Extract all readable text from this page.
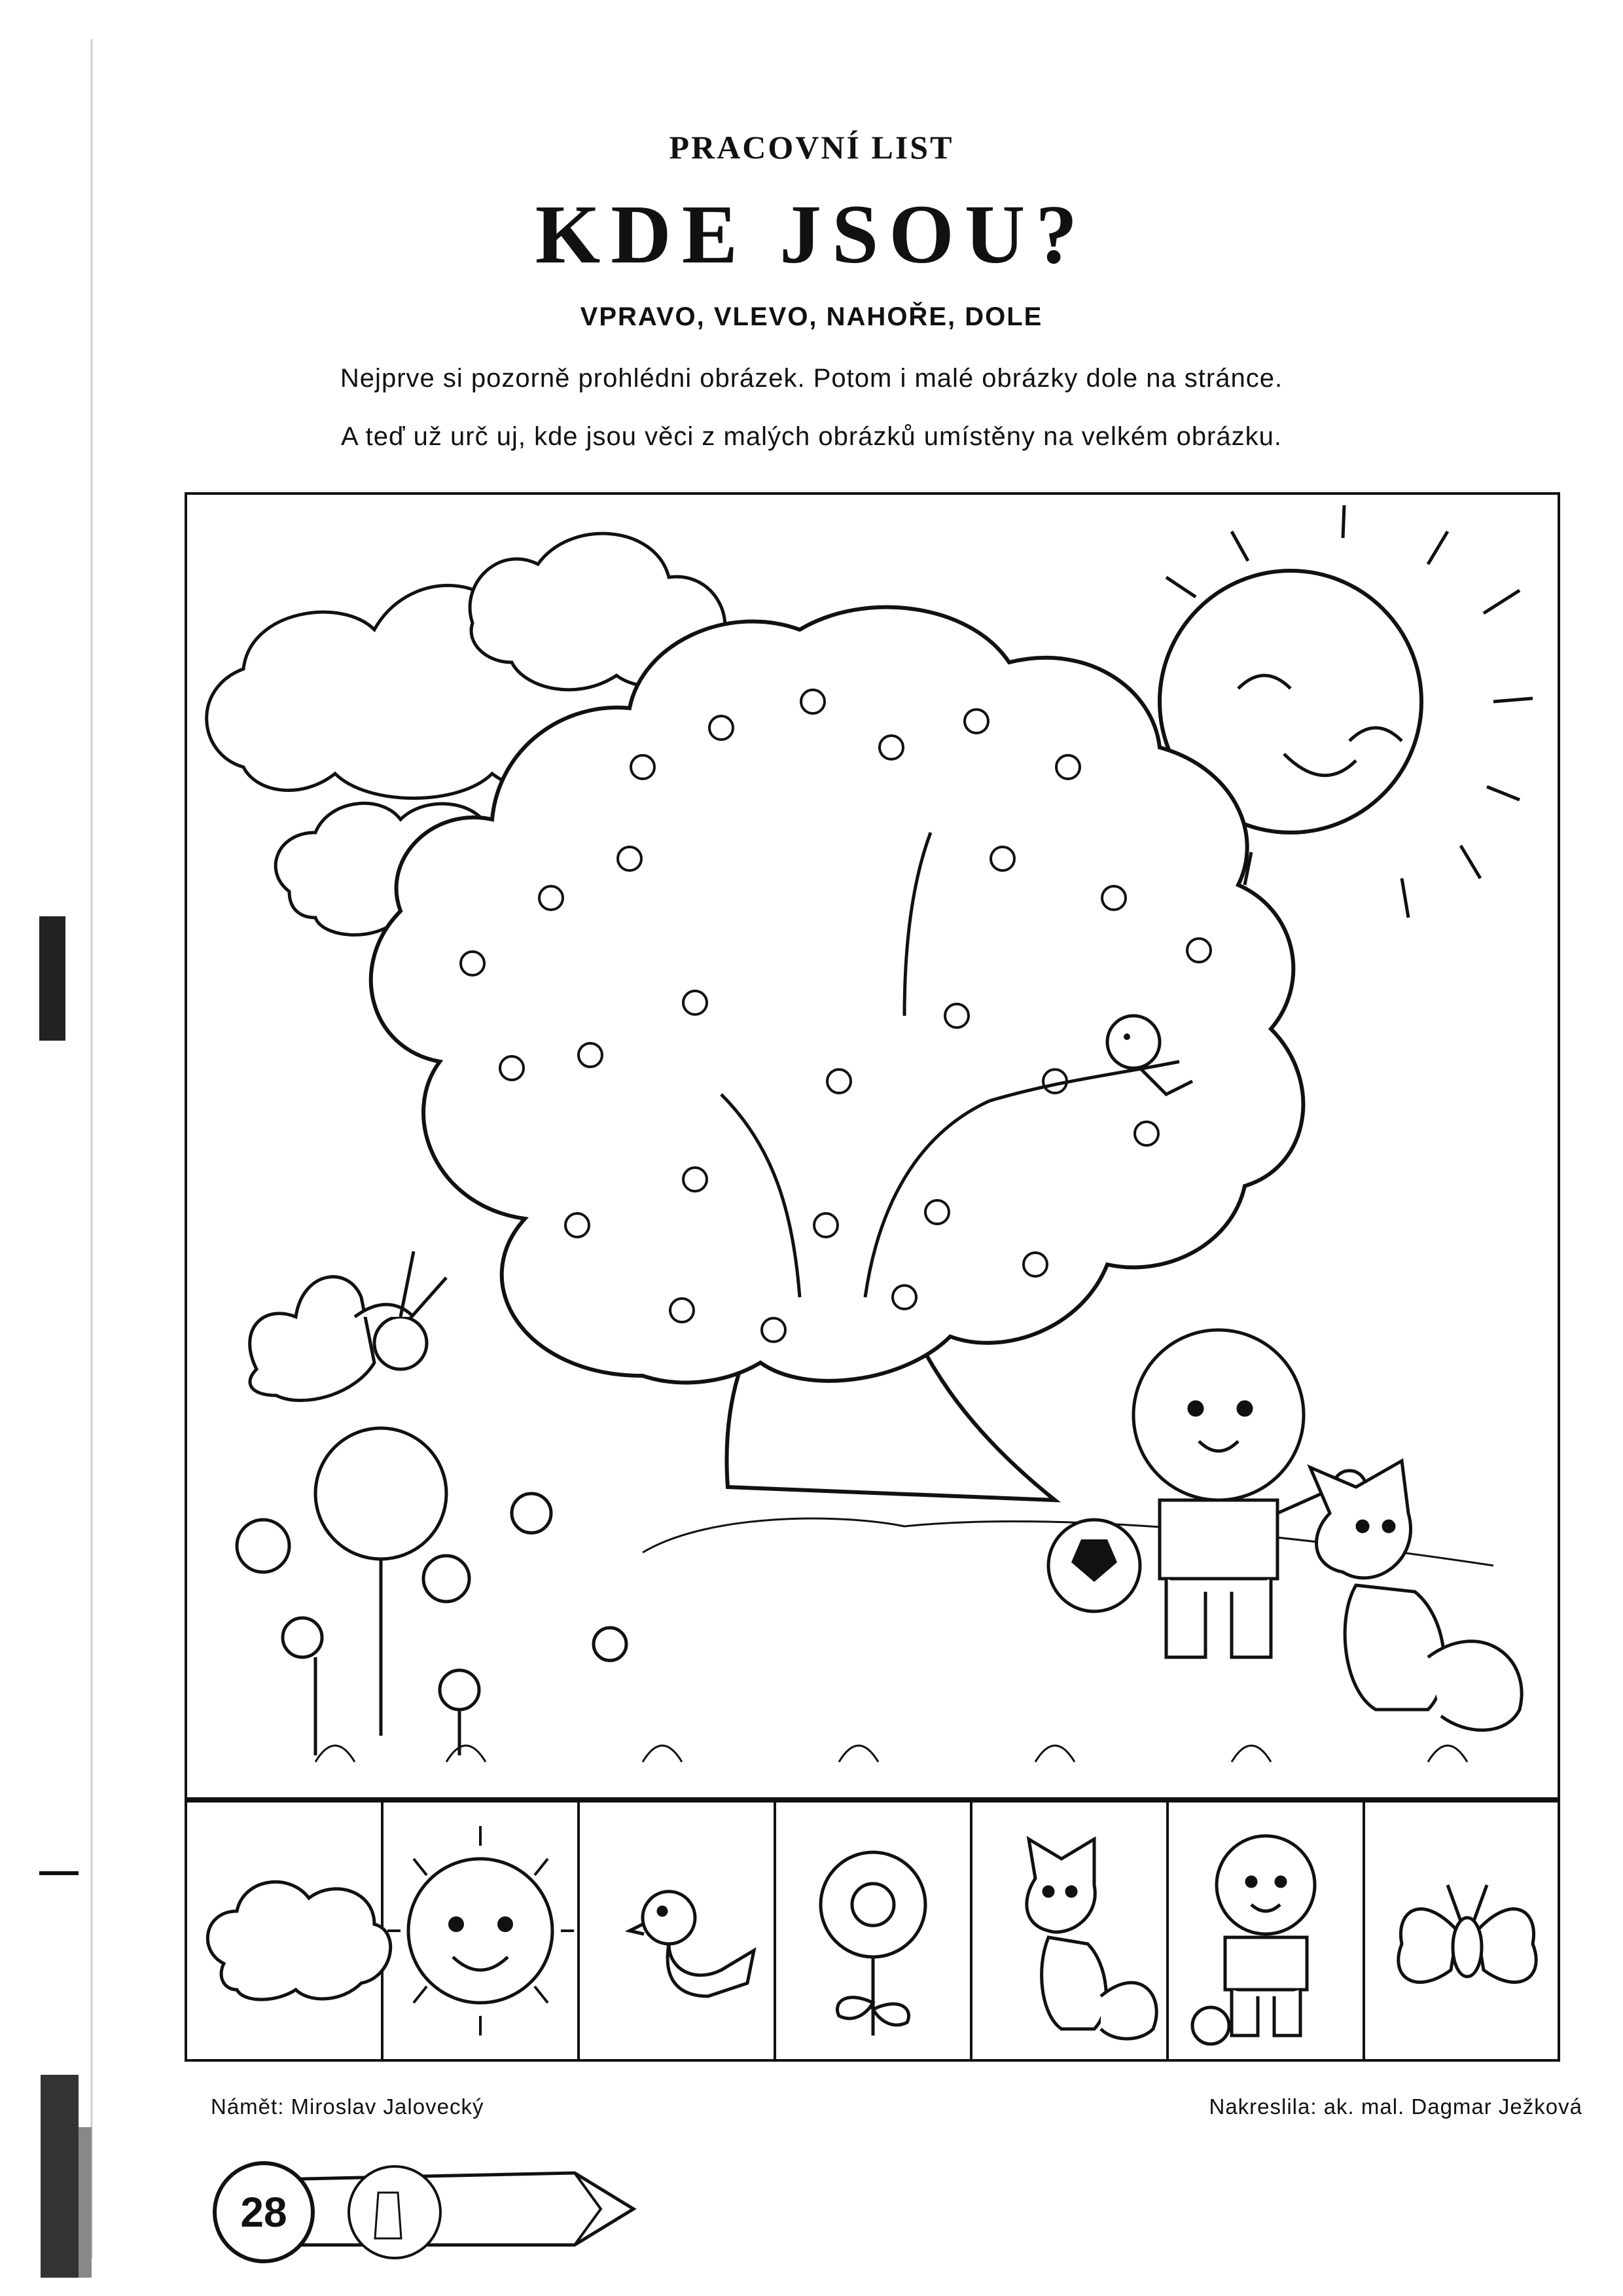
PRACOVNÍ LIST
KDE JSOU?
VPRAVO, VLEVO, NAHOŘE, DOLE
Nejprve si pozorně prohlédni obrázek. Potom i malé obrázky dole na stránce.
A teď už urč uj, kde jsou věci z malých obrázků umístěny na velkém obrázku.
Námět: Miroslav Jalovecký	Nakreslila: ak. mal. Dagmar Ježková
28
